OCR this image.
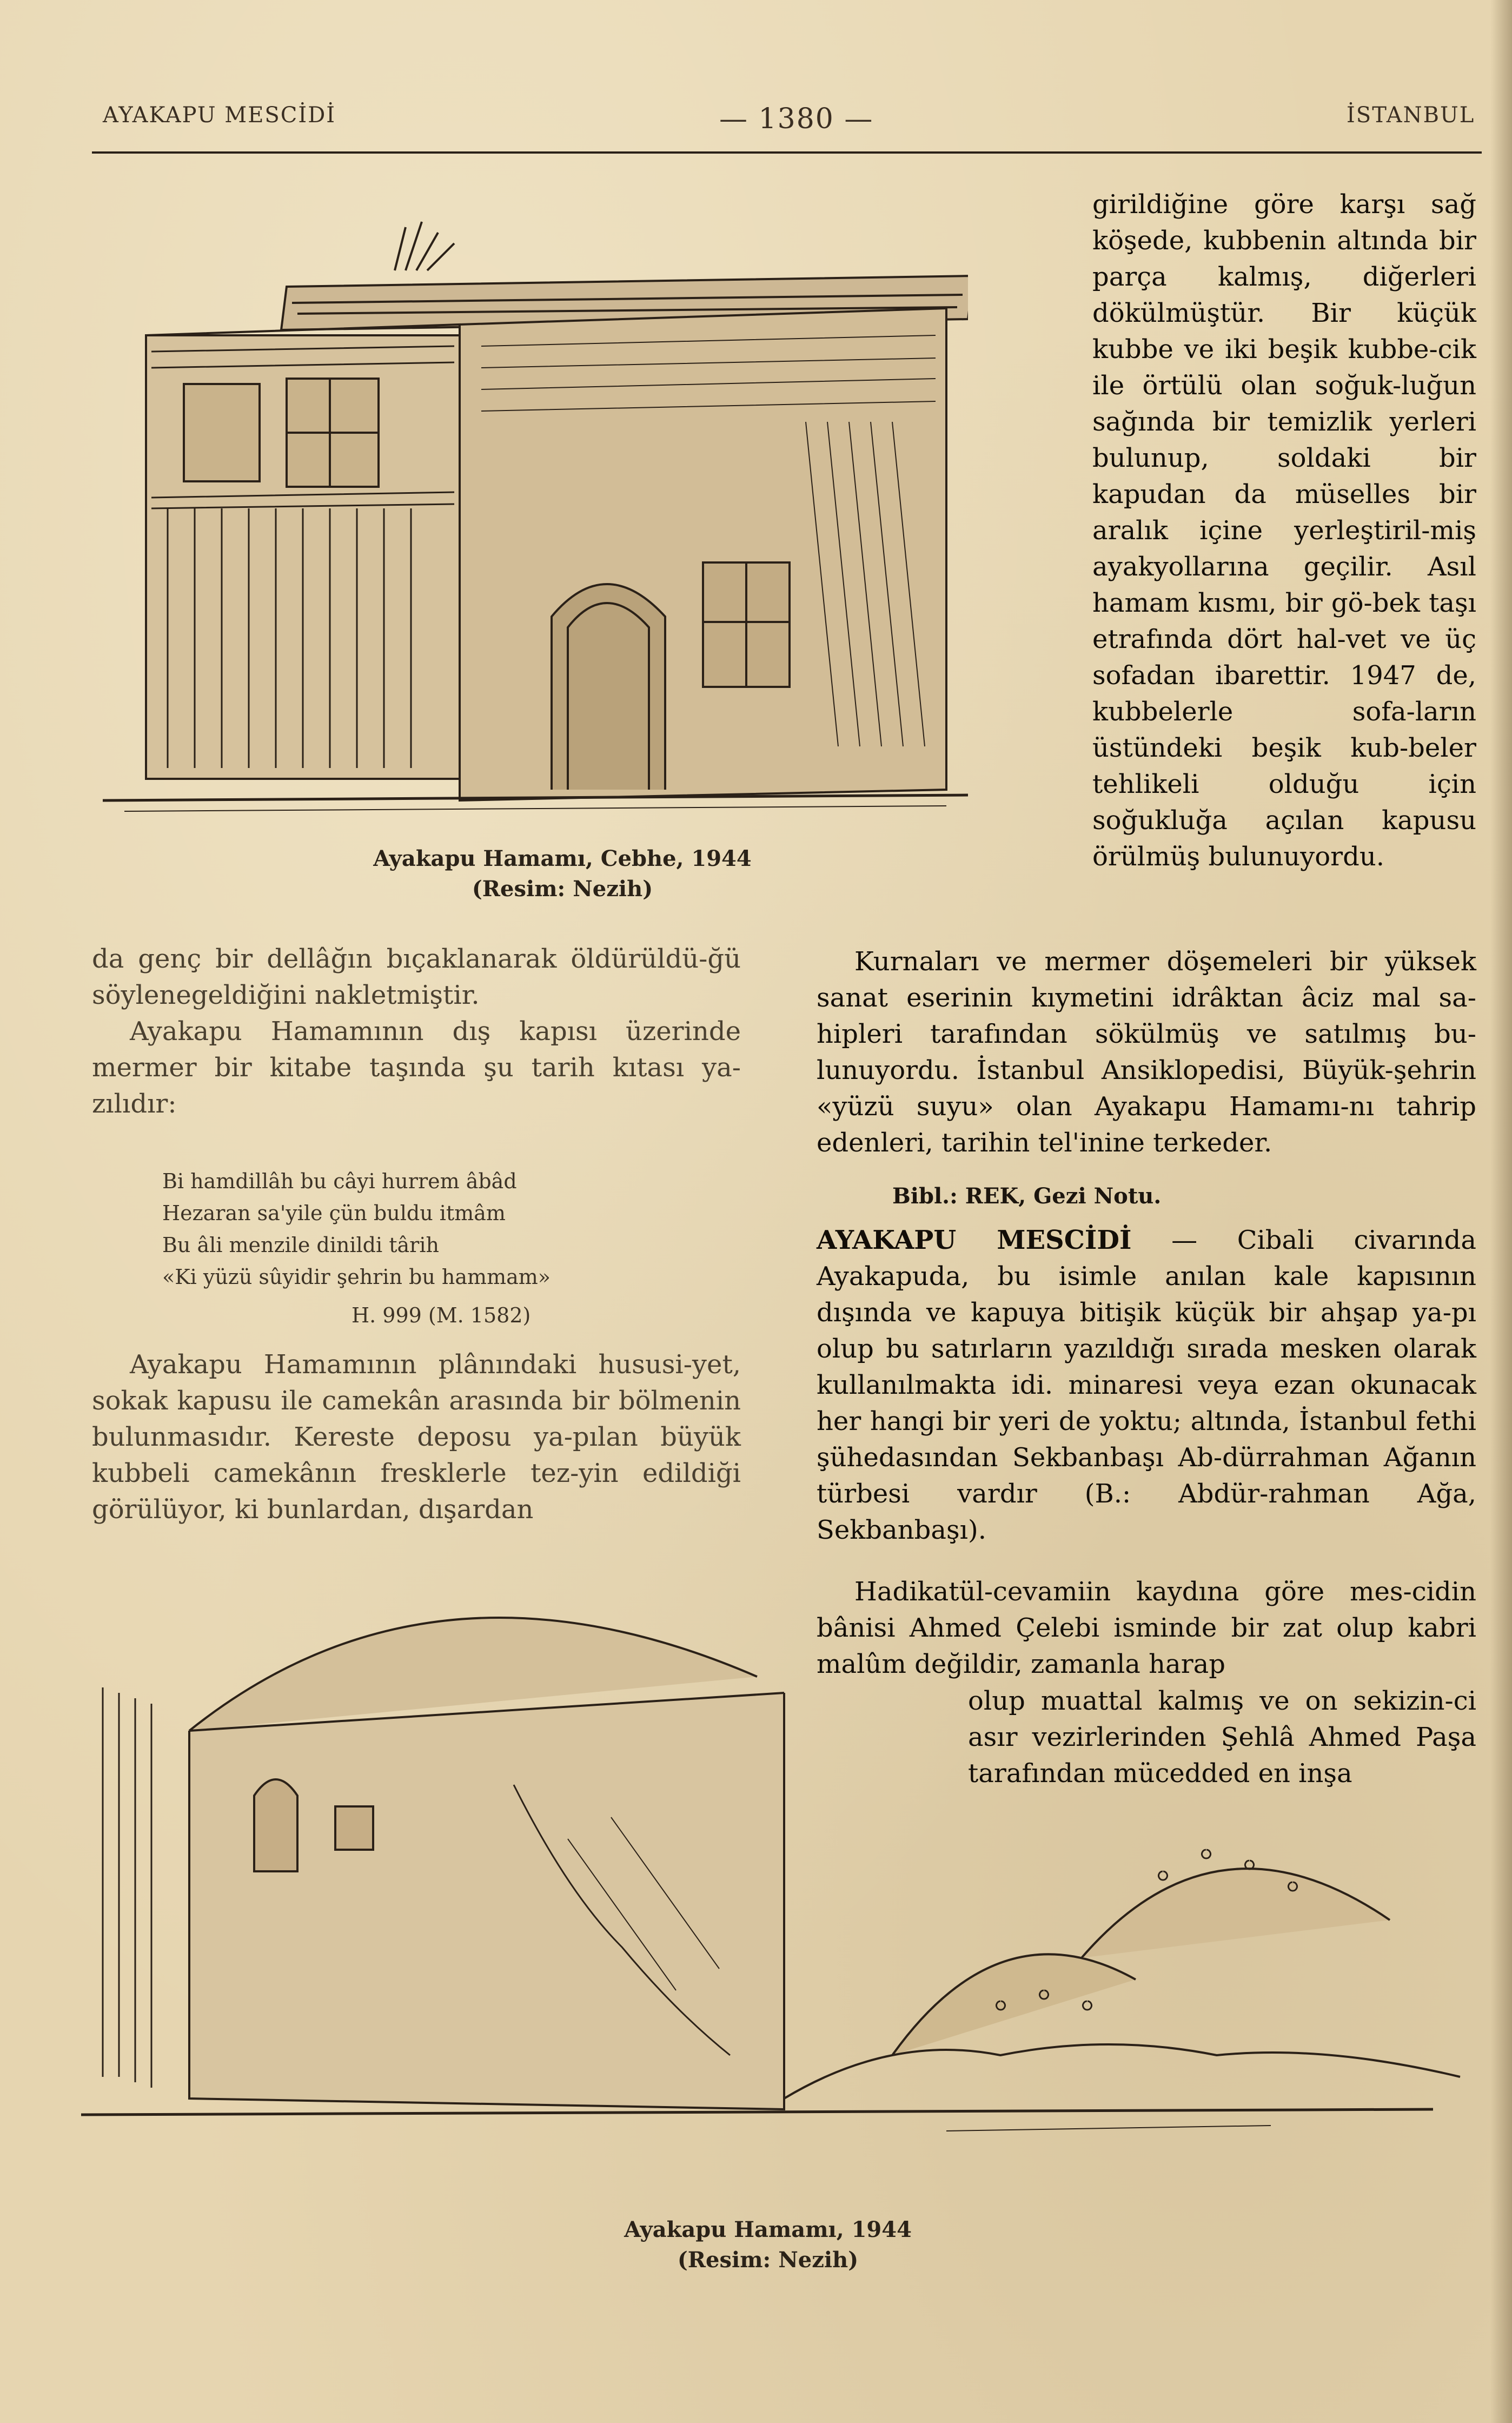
AYAKAPU MESCİDİ	— 1380 —	İSTANBUL
Ayakapu Hamamı, Cebhe, 1944
(Resim: Nezih)

da genç bir dellâğın bıçaklanarak öldürüldü-ğü söylenegeldiğini nakletmiştir.

Ayakapu Hamamının dış kapısı üzerinde mermer bir kitabe taşında şu tarih kıtası ya-zılıdır:

Bi hamdillâh bu câyi hurrem âbâd
Hezaran sa'yile çün buldu itmâm
Bu âli menzile dinildi târih
«Ki yüzü sûyidir şehrin bu hammam»
H. 999 (M. 1582)

Ayakapu Hamamının plânındaki hususi-yet, sokak kapusu ile camekân arasında bir bölmenin bulunmasıdır. Kereste deposu ya-pılan büyük kubbeli camekânın fresklerle tez-yin edildiği görülüyor, ki bunlardan, dışardan

girildiğine göre karşı sağ köşede, kubbenin altında bir parça kalmış, diğerleri dökülmüştür. Bir küçük kubbe ve iki beşik kubbe-cik ile örtülü olan soğuk-luğun sağında bir temizlik yerleri bulunup, soldaki bir kapudan da müselles bir aralık içine yerleştiril-miş ayakyollarına geçilir. Asıl hamam kısmı, bir gö-bek taşı etrafında dört hal-vet ve üç sofadan ibarettir. 1947 de, kubbelerle sofa-ların üstündeki beşik kub-beler tehlikeli olduğu için soğukluğa açılan kapusu örülmüş bulunuyordu.

Kurnaları ve mermer döşemeleri bir yüksek sanat eserinin kıymetini idrâktan âciz mal sa-hipleri tarafından sökülmüş ve satılmış bu-lunuyordu. İstanbul Ansiklopedisi, Büyük-şehrin «yüzü suyu» olan Ayakapu Hamamı-nı tahrip edenleri, tarihin tel'inine terkeder.

Bibl.: REK, Gezi Notu.

AYAKAPU MESCİDİ — Cibali civarında Ayakapuda, bu isimle anılan kale kapısının dışında ve kapuya bitişik küçük bir ahşap ya-pı olup bu satırların yazıldığı sırada mesken olarak kullanılmakta idi. minaresi veya ezan okunacak her hangi bir yeri de yoktu; altında, İstanbul fethi şühedasından Sekbanbaşı Ab-dürrahman Ağanın türbesi vardır (B.: Abdür-rahman Ağa, Sekbanbaşı).

Hadikatül-cevamiin kaydına göre mes-cidin bânisi Ahmed Çelebi isminde bir zat olup kabri malûm değildir, zamanla harap

olup muattal kalmış ve on sekizin-ci asır vezirlerinden Şehlâ Ahmed Paşa tarafından mücedded en inşa

Ayakapu Hamamı, 1944
(Resim: Nezih)
